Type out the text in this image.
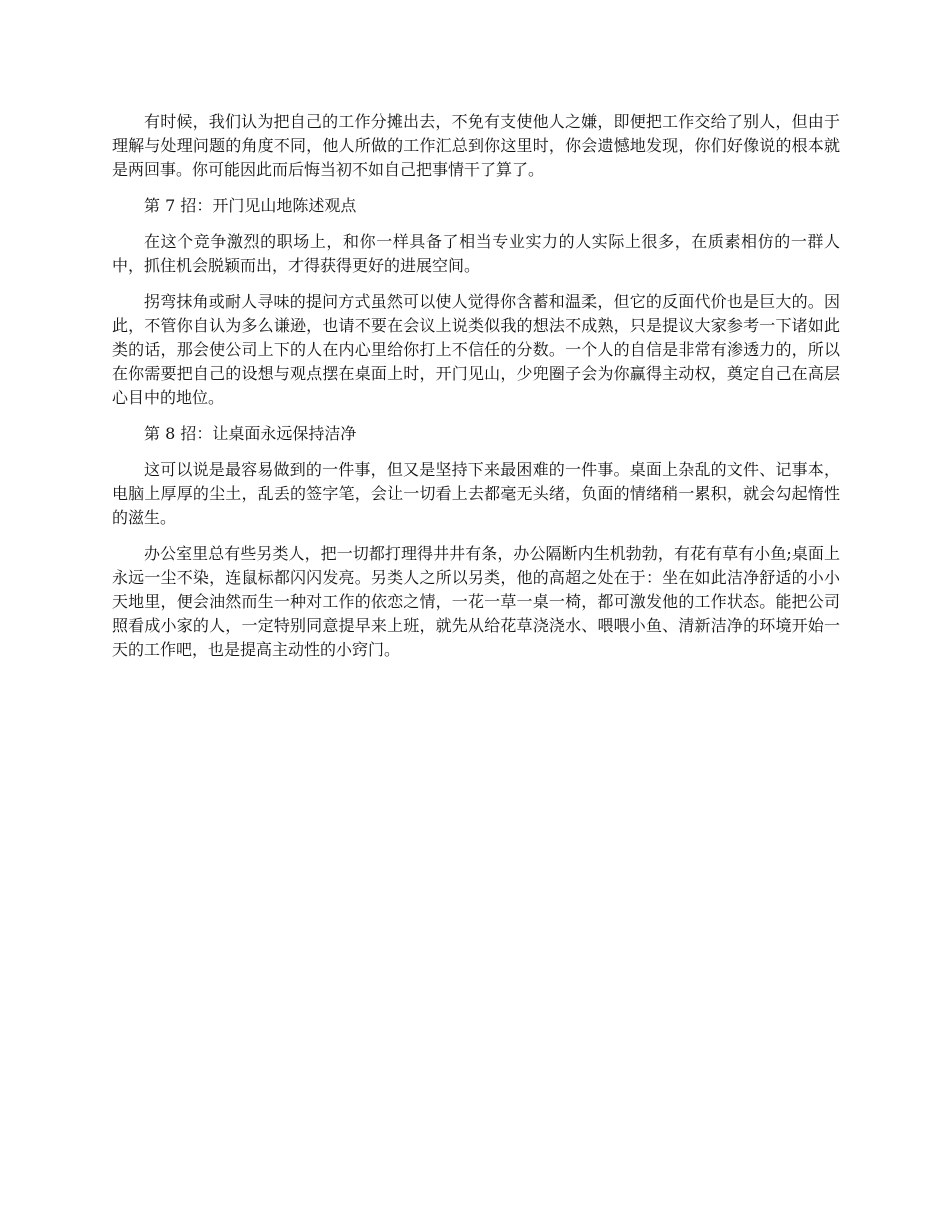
有时候，我们认为把自己的工作分摊出去，不免有支使他人之嫌，即便把工作交给了别人，但由于理解与处理问题的角度不同，他人所做的工作汇总到你这里时，你会遗憾地发现，你们好像说的根本就是两回事。你可能因此而后悔当初不如自己把事情干了算了。

第 7 招：开门见山地陈述观点

在这个竞争激烈的职场上，和你一样具备了相当专业实力的人实际上很多，在质素相仿的一群人中，抓住机会脱颖而出，才得获得更好的进展空间。

拐弯抹角或耐人寻味的提问方式虽然可以使人觉得你含蓄和温柔，但它的反面代价也是巨大的。因此，不管你自认为多么谦逊，也请不要在会议上说类似我的想法不成熟，只是提议大家参考一下诸如此类的话，那会使公司上下的人在内心里给你打上不信任的分数。一个人的自信是非常有渗透力的，所以在你需要把自己的设想与观点摆在桌面上时，开门见山，少兜圈子会为你赢得主动权，奠定自己在高层心目中的地位。

第 8 招：让桌面永远保持洁净

这可以说是最容易做到的一件事，但又是坚持下来最困难的一件事。桌面上杂乱的文件、记事本，电脑上厚厚的尘土，乱丢的签字笔，会让一切看上去都毫无头绪，负面的情绪稍一累积，就会勾起惰性的滋生。

办公室里总有些另类人，把一切都打理得井井有条，办公隔断内生机勃勃，有花有草有小鱼;桌面上永远一尘不染，连鼠标都闪闪发亮。另类人之所以另类，他的高超之处在于：坐在如此洁净舒适的小小天地里，便会油然而生一种对工作的依恋之情，一花一草一桌一椅，都可激发他的工作状态。能把公司照看成小家的人，一定特别同意提早来上班，就先从给花草浇浇水、喂喂小鱼、清新洁净的环境开始一天的工作吧，也是提高主动性的小窍门。
